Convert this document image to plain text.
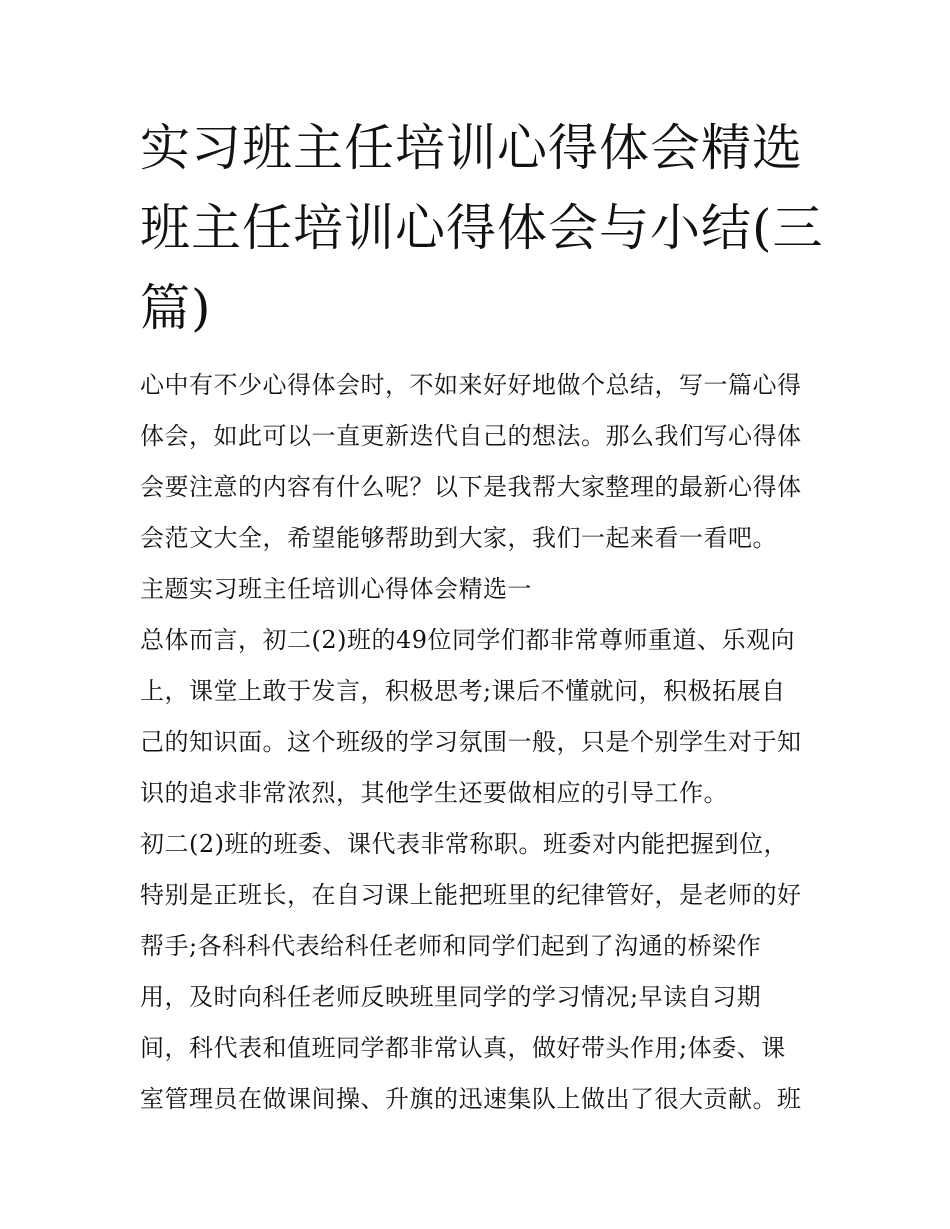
实习班主任培训心得体会精选
班主任培训心得体会与小结(三
篇)
心中有不少心得体会时，不如来好好地做个总结，写一篇心得
体会，如此可以一直更新迭代自己的想法。那么我们写心得体
会要注意的内容有什么呢？以下是我帮大家整理的最新心得体
会范文大全，希望能够帮助到大家，我们一起来看一看吧。
主题实习班主任培训心得体会精选一
总体而言，初二(2)班的49位同学们都非常尊师重道、乐观向
上，课堂上敢于发言，积极思考;课后不懂就问，积极拓展自
己的知识面。这个班级的学习氛围一般，只是个别学生对于知
识的追求非常浓烈，其他学生还要做相应的引导工作。
初二(2)班的班委、课代表非常称职。班委对内能把握到位，
特别是正班长，在自习课上能把班里的纪律管好，是老师的好
帮手;各科科代表给科任老师和同学们起到了沟通的桥梁作
用，及时向科任老师反映班里同学的学习情况;早读自习期
间，科代表和值班同学都非常认真，做好带头作用;体委、课
室管理员在做课间操、升旗的迅速集队上做出了很大贡献。班
